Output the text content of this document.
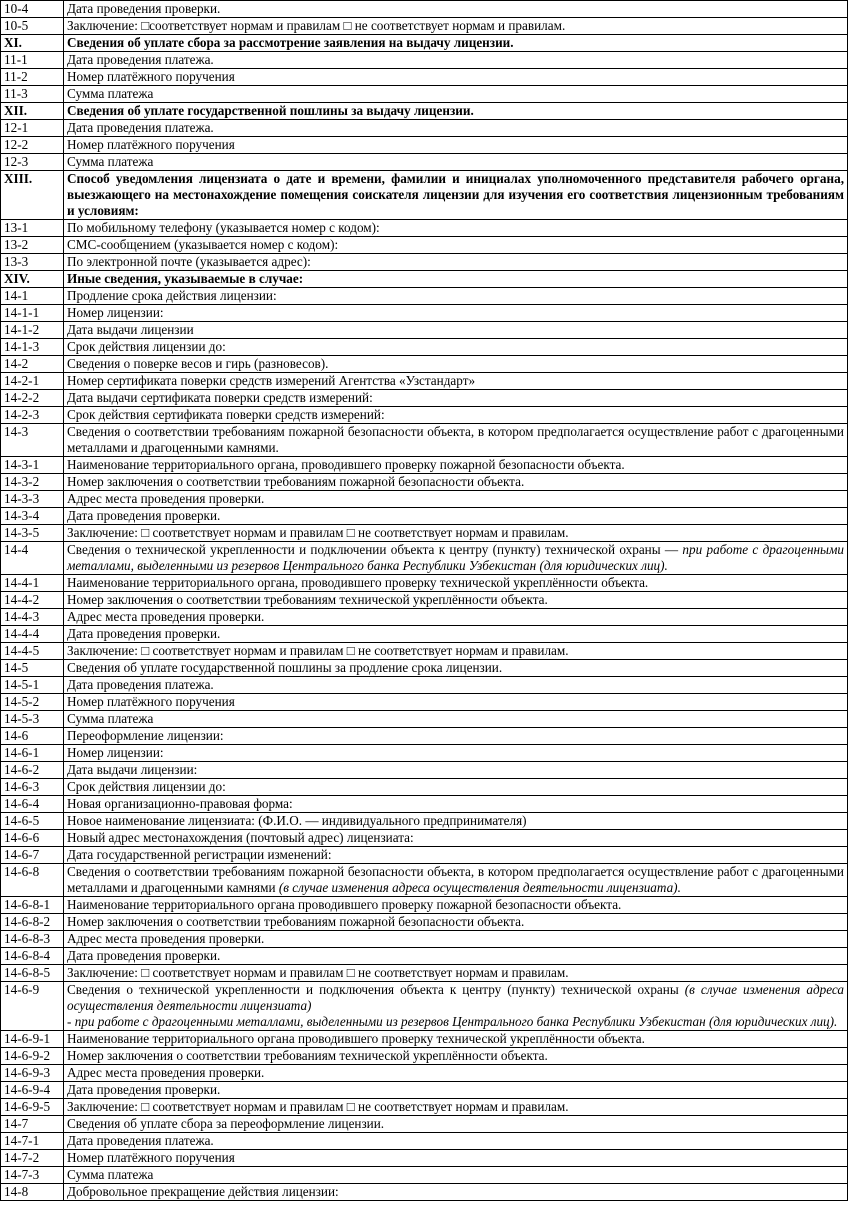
10-4	Дата проведения проверки.
10-5	Заключение: □соответствует нормам и правилам □ не соответствует нормам и правилам.
XI.	Сведения об уплате сбора за рассмотрение заявления на выдачу лицензии.
11-1	Дата проведения платежа.
11-2	Номер платёжного поручения
11-3	Сумма платежа
XII.	Сведения об уплате государственной пошлины за выдачу лицензии.
12-1	Дата проведения платежа.
12-2	Номер платёжного поручения
12-3	Сумма платежа
XIII.	Способ уведомления лицензиата о дате и времени, фамилии и инициалах уполномоченного представителя рабочего органа, выезжающего на местонахождение помещения соискателя лицензии для изучения его соответствия лицензионным требованиям и условиям:
13-1	По мобильному телефону (указывается номер с кодом):
13-2	СМС-сообщением (указывается номер с кодом):
13-3	По электронной почте (указывается адрес):
XIV.	Иные сведения, указываемые в случае:
14-1	Продление срока действия лицензии:
14-1-1	Номер лицензии:
14-1-2	Дата выдачи лицензии
14-1-3	Срок действия лицензии до:
14-2	Сведения о поверке весов и гирь (разновесов).
14-2-1	Номер сертификата поверки средств измерений Агентства «Узстандарт»
14-2-2	Дата выдачи сертификата поверки средств измерений:
14-2-3	Срок действия сертификата поверки средств измерений:
14-3	Сведения о соответствии требованиям пожарной безопасности объекта, в котором предполагается осуществление работ с драгоценными металлами и драгоценными камнями.
14-3-1	Наименование территориального органа, проводившего проверку пожарной безопасности объекта.
14-3-2	Номер заключения о соответствии требованиям пожарной безопасности объекта.
14-3-3	Адрес места проведения проверки.
14-3-4	Дата проведения проверки.
14-3-5	Заключение: □ соответствует нормам и правилам □ не соответствует нормам и правилам.
14-4	Сведения о технической укрепленности и подключении объекта к центру (пункту) технической охраны — при работе с драгоценными металлами, выделенными из резервов Центрального банка Республики Узбекистан (для юридических лиц).
14-4-1	Наименование территориального органа, проводившего проверку технической укреплённости объекта.
14-4-2	Номер заключения о соответствии требованиям технической укреплённости объекта.
14-4-3	Адрес места проведения проверки.
14-4-4	Дата проведения проверки.
14-4-5	Заключение: □ соответствует нормам и правилам □ не соответствует нормам и правилам.
14-5	Сведения об уплате государственной пошлины за продление срока лицензии.
14-5-1	Дата проведения платежа.
14-5-2	Номер платёжного поручения
14-5-3	Сумма платежа
14-6	Переоформление лицензии:
14-6-1	Номер лицензии:
14-6-2	Дата выдачи лицензии:
14-6-3	Срок действия лицензии до:
14-6-4	Новая организационно-правовая форма:
14-6-5	Новое наименование лицензиата: (Ф.И.О. — индивидуального предпринимателя)
14-6-6	Новый адрес местонахождения (почтовый адрес) лицензиата:
14-6-7	Дата государственной регистрации изменений:
14-6-8	Сведения о соответствии требованиям пожарной безопасности объекта, в котором предполагается осуществление работ с драгоценными металлами и драгоценными камнями (в случае изменения адреса осуществления деятельности лицензиата).
14-6-8-1	Наименование территориального органа проводившего проверку пожарной безопасности объекта.
14-6-8-2	Номер заключения о соответствии требованиям пожарной безопасности объекта.
14-6-8-3	Адрес места проведения проверки.
14-6-8-4	Дата проведения проверки.
14-6-8-5	Заключение: □ соответствует нормам и правилам □ не соответствует нормам и правилам.
14-6-9	Сведения о технической укрепленности и подключения объекта к центру (пункту) технической охраны (в случае изменения адреса осуществления деятельности лицензиата)
- при работе с драгоценными металлами, выделенными из резервов Центрального банка Республики Узбекистан (для юридических лиц).

14-6-9-1	Наименование территориального органа проводившего проверку технической укреплённости объекта.
14-6-9-2	Номер заключения о соответствии требованиям технической укреплённости объекта.
14-6-9-3	Адрес места проведения проверки.
14-6-9-4	Дата проведения проверки.
14-6-9-5	Заключение: □ соответствует нормам и правилам □ не соответствует нормам и правилам.
14-7	Сведения об уплате сбора за переоформление лицензии.
14-7-1	Дата проведения платежа.
14-7-2	Номер платёжного поручения
14-7-3	Сумма платежа
14-8	Добровольное прекращение действия лицензии:
